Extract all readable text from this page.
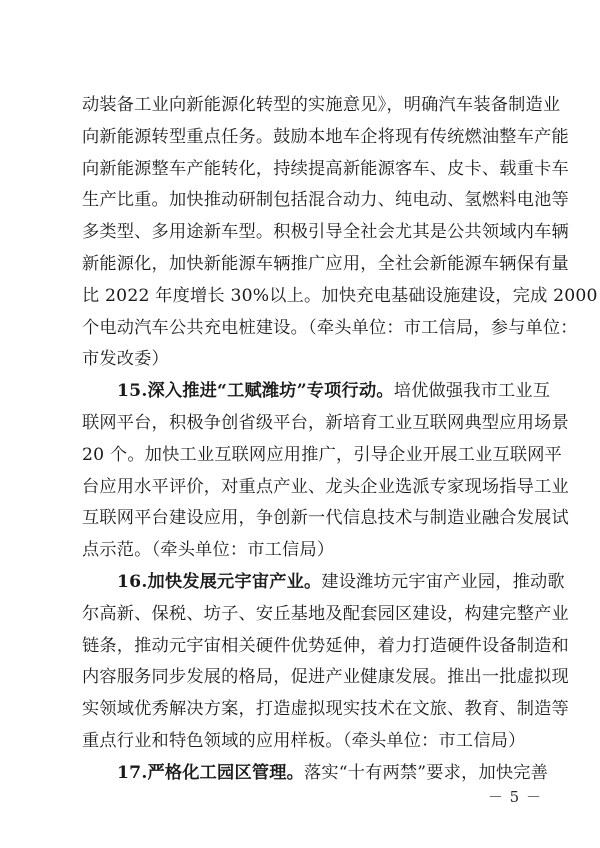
动装备工业向新能源化转型的实施意见》，明确汽车装备制造业
向新能源转型重点任务。鼓励本地车企将现有传统燃油整车产能
向新能源整车产能转化，持续提高新能源客车、皮卡、载重卡车
生产比重。加快推动研制包括混合动力、纯电动、氢燃料电池等
多类型、多用途新车型。积极引导全社会尤其是公共领域内车辆
新能源化，加快新能源车辆推广应用，全社会新能源车辆保有量
比 2022 年度增长 30%以上。加快充电基础设施建设，完成 2000
个电动汽车公共充电桩建设。（牵头单位：市工信局，参与单位：
市发改委）
15.深入推进“工赋潍坊”专项行动。培优做强我市工业互
联网平台，积极争创省级平台，新培育工业互联网典型应用场景
20 个。加快工业互联网应用推广，引导企业开展工业互联网平
台应用水平评价，对重点产业、龙头企业选派专家现场指导工业
互联网平台建设应用，争创新一代信息技术与制造业融合发展试
点示范。（牵头单位：市工信局）
16.加快发展元宇宙产业。建设潍坊元宇宙产业园，推动歌
尔高新、保税、坊子、安丘基地及配套园区建设，构建完整产业
链条，推动元宇宙相关硬件优势延伸，着力打造硬件设备制造和
内容服务同步发展的格局，促进产业健康发展。推出一批虚拟现
实领域优秀解决方案，打造虚拟现实技术在文旅、教育、制造等
重点行业和特色领域的应用样板。（牵头单位：市工信局）
17.严格化工园区管理。落实“十有两禁”要求，加快完善
－ 5 －
